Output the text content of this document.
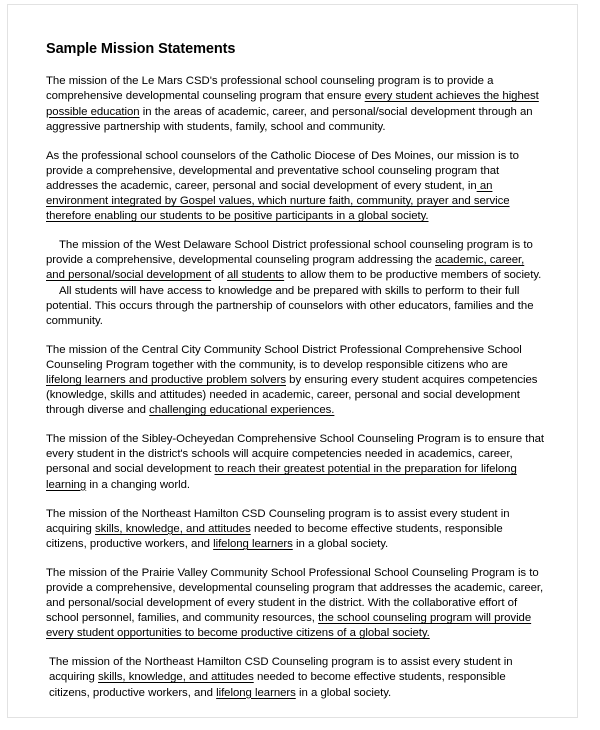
Sample Mission Statements

The mission of the Le Mars CSD's professional school counseling program is to provide a comprehensive developmental counseling program that ensure every student achieves the highest possible education in the areas of academic, career, and personal/social development through an aggressive partnership with students, family, school and community.

As the professional school counselors of the Catholic Diocese of Des Moines, our mission is to provide a comprehensive, developmental and preventative school counseling program that addresses the academic, career, personal and social development of every student, in an environment integrated by Gospel values, which nurture faith, community, prayer and service therefore enabling our students to be positive participants in a global society.

The mission of the West Delaware School District professional school counseling program is to provide a comprehensive, developmental counseling program addressing the academic, career, and personal/social development of all students to allow them to be productive members of society.

All students will have access to knowledge and be prepared with skills to perform to their full potential. This occurs through the partnership of counselors with other educators, families and the community.

The mission of the Central City Community School District Professional Comprehensive School Counseling Program together with the community, is to develop responsible citizens who are lifelong learners and productive problem solvers by ensuring every student acquires competencies (knowledge, skills and attitudes) needed in academic, career, personal and social development through diverse and challenging educational experiences.

The mission of the Sibley-Ocheyedan Comprehensive School Counseling Program is to ensure that every student in the district's schools will acquire competencies needed in academics, career, personal and social development to reach their greatest potential in the preparation for lifelong learning in a changing world.

The mission of the Northeast Hamilton CSD Counseling program is to assist every student in acquiring skills, knowledge, and attitudes needed to become effective students, responsible citizens, productive workers, and lifelong learners in a global society.

The mission of the Prairie Valley Community School Professional School Counseling Program is to provide a comprehensive, developmental counseling program that addresses the academic, career, and personal/social development of every student in the district. With the collaborative effort of school personnel, families, and community resources, the school counseling program will provide every student opportunities to become productive citizens of a global society.

The mission of the Northeast Hamilton CSD Counseling program is to assist every student in acquiring skills, knowledge, and attitudes needed to become effective students, responsible citizens, productive workers, and lifelong learners in a global society.
